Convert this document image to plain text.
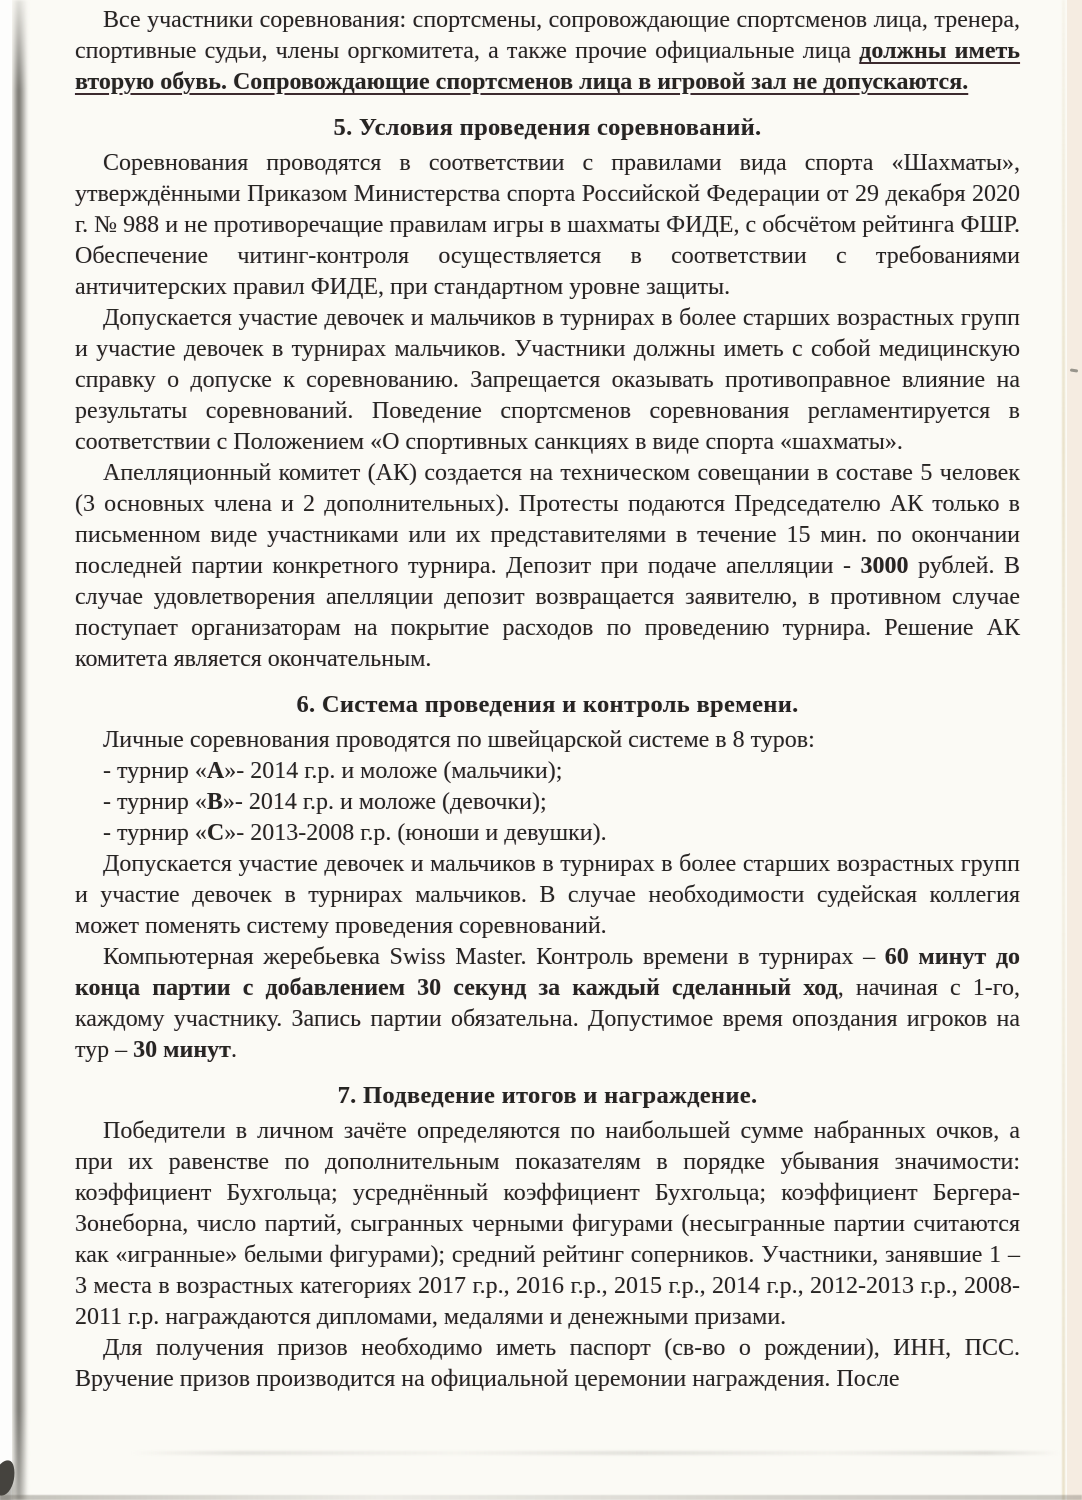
Все участники соревнования: спортсмены, сопровождающие спортсменов лица, тренера, спортивные судьи, члены оргкомитета, а также прочие официальные лица должны иметь вторую обувь. Сопровождающие спортсменов лица в игровой зал не допускаются.

5. Условия проведения соревнований.

Соревнования проводятся в соответствии с правилами вида спорта «Шахматы», утверждёнными Приказом Министерства спорта Российской Федерации от 29 декабря 2020 г. № 988 и не противоречащие правилам игры в шахматы ФИДЕ, с обсчётом рейтинга ФШР. Обеспечение читинг-контроля осуществляется в соответствии с требованиями античитерских правил ФИДЕ, при стандартном уровне защиты.

Допускается участие девочек и мальчиков в турнирах в более старших возрастных групп и участие девочек в турнирах мальчиков. Участники должны иметь с собой медицинскую справку о допуске к соревнованию. Запрещается оказывать противоправное влияние на результаты соревнований. Поведение спортсменов соревнования регламентируется в соответствии с Положением «О спортивных санкциях в виде спорта «шахматы».

Апелляционный комитет (АК) создается на техническом совещании в составе 5 человек (3 основных члена и 2 дополнительных). Протесты подаются Председателю АК только в письменном виде участниками или их представителями в течение 15 мин. по окончании последней партии конкретного турнира. Депозит при подаче апелляции - 3000 рублей. В случае удовлетворения апелляции депозит возвращается заявителю, в противном случае поступает организаторам на покрытие расходов по проведению турнира. Решение АК комитета является окончательным.

6. Система проведения и контроль времени.

Личные соревнования проводятся по швейцарской системе в 8 туров:

- турнир «А»- 2014 г.р. и моложе (мальчики);

- турнир «В»- 2014 г.р. и моложе (девочки);

- турнир «С»- 2013-2008 г.р. (юноши и девушки).

Допускается участие девочек и мальчиков в турнирах в более старших возрастных групп и участие девочек в турнирах мальчиков. В случае необходимости судейская коллегия может поменять систему проведения соревнований.

Компьютерная жеребьевка Swiss Master. Контроль времени в турнирах – 60 минут до конца партии с добавлением 30 секунд за каждый сделанный ход, начиная с 1-го, каждому участнику. Запись партии обязательна. Допустимое время опоздания игроков на тур – 30 минут.

7. Подведение итогов и награждение.

Победители в личном зачёте определяются по наибольшей сумме набранных очков, а при их равенстве по дополнительным показателям в порядке убывания значимости: коэффициент Бухгольца; усреднённый коэффициент Бухгольца; коэффициент Бергера-Зонеборна, число партий, сыгранных черными фигурами (несыгранные партии считаются как «игранные» белыми фигурами); средний рейтинг соперников. Участники, занявшие 1 – 3 места в возрастных категориях 2017 г.р., 2016 г.р., 2015 г.р., 2014 г.р., 2012-2013 г.р., 2008-2011 г.р. награждаются дипломами, медалями и денежными призами.

Для получения призов необходимо иметь паспорт (св-во о рождении), ИНН, ПСС. Вручение призов производится на официальной церемонии награждения. После
